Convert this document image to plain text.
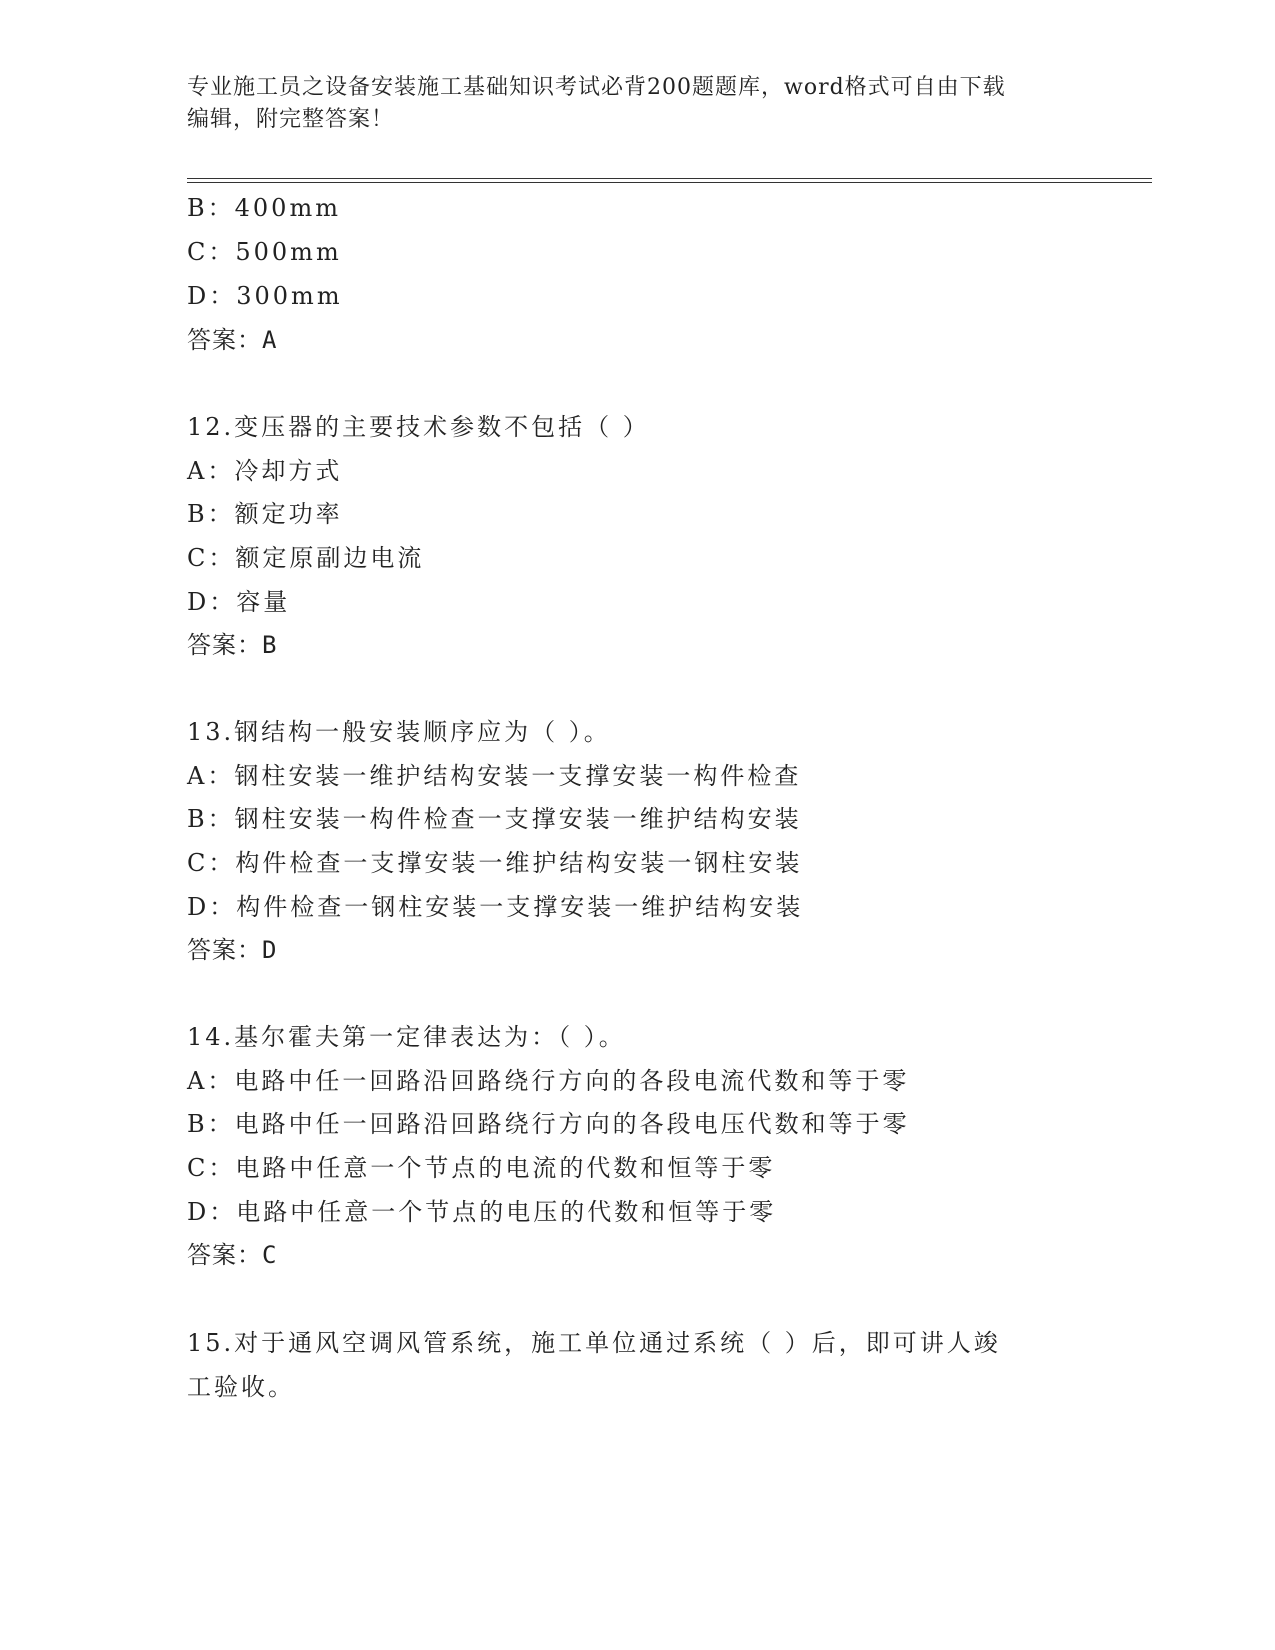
专业施工员之设备安装施工基础知识考试必背200题题库，word格式可自由下载
编辑，附完整答案！
B：400mm
C：500mm
D：300mm
答案：A
12.变压器的主要技术参数不包括（ ）
A：冷却方式
B：额定功率
C：额定原副边电流
D：容量
答案：B
13.钢结构一般安装顺序应为（ ）。
A：钢柱安装一维护结构安装一支撑安装一构件检查
B：钢柱安装一构件检查一支撑安装一维护结构安装
C：构件检查一支撑安装一维护结构安装一钢柱安装
D：构件检查一钢柱安装一支撑安装一维护结构安装
答案：D
14.基尔霍夫第一定律表达为：（ ）。
A：电路中任一回路沿回路绕行方向的各段电流代数和等于零
B：电路中任一回路沿回路绕行方向的各段电压代数和等于零
C：电路中任意一个节点的电流的代数和恒等于零
D：电路中任意一个节点的电压的代数和恒等于零
答案：C
15.对于通风空调风管系统，施工单位通过系统（ ）后，即可讲人竣
工验收。
